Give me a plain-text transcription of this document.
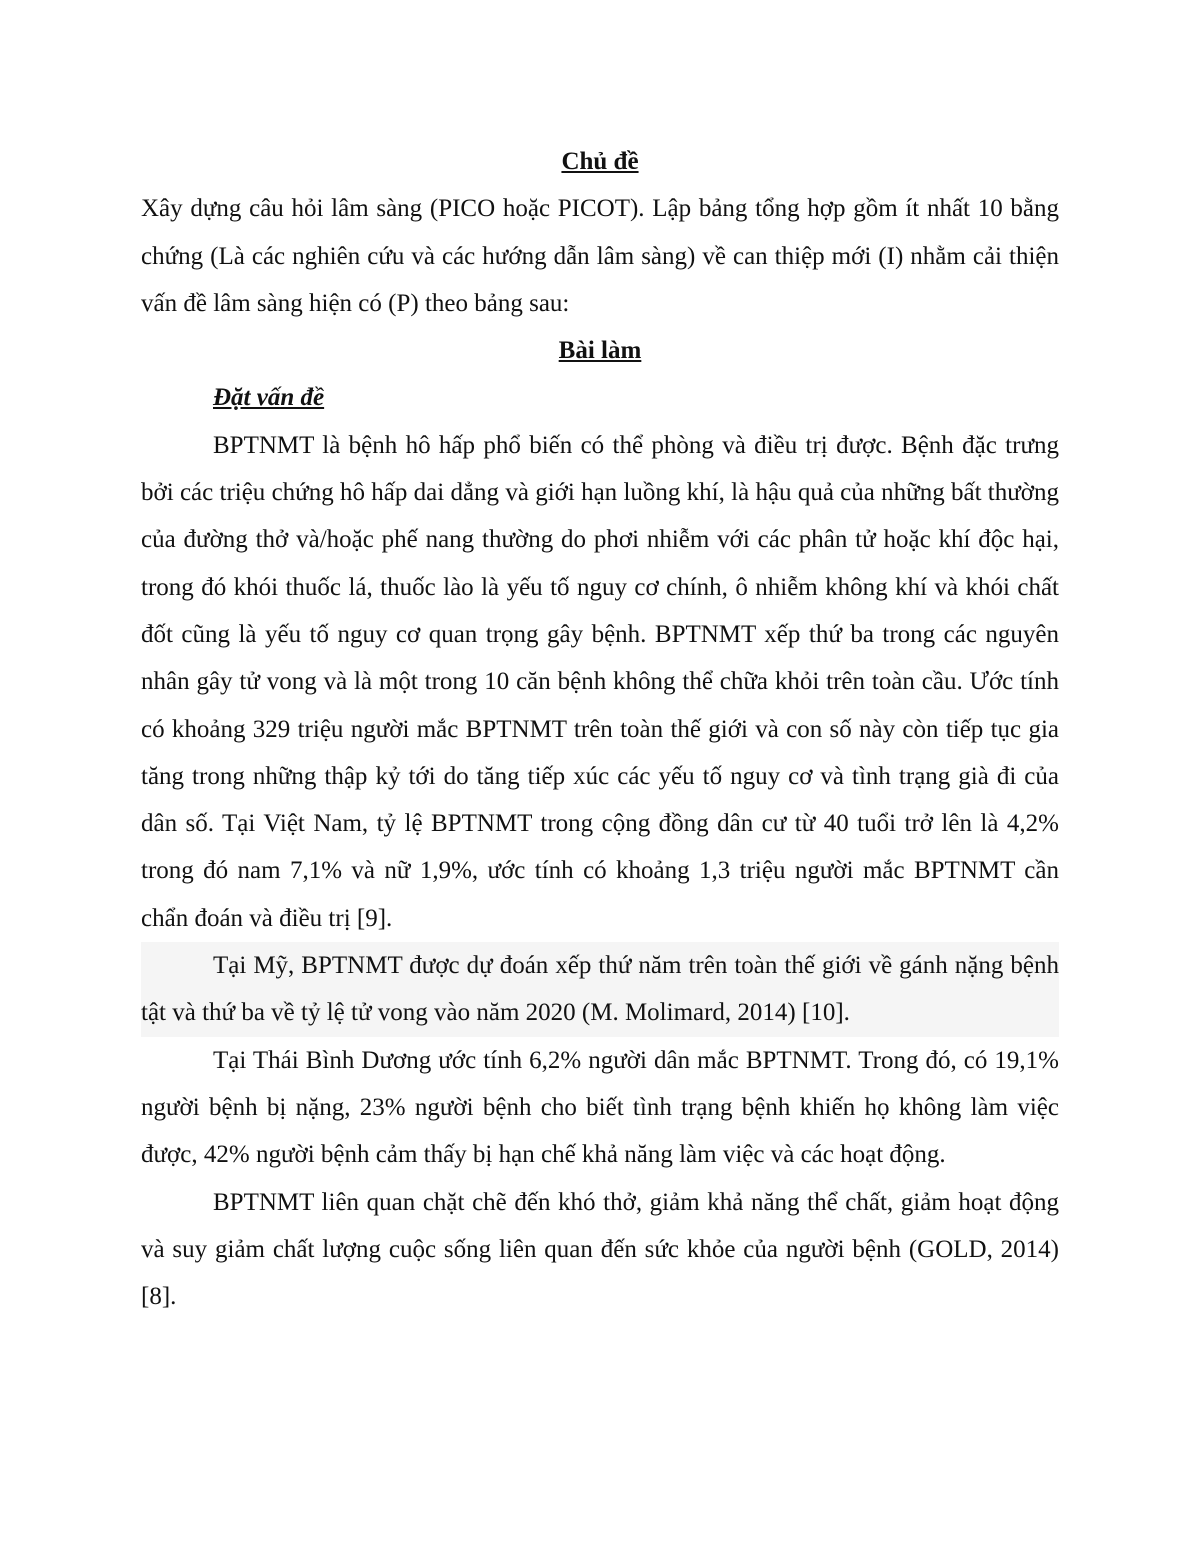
Chủ đề

Xây dựng câu hỏi lâm sàng (PICO hoặc PICOT). Lập bảng tổng hợp gồm ít nhất 10 bằng chứng (Là các nghiên cứu và các hướng dẫn lâm sàng) về can thiệp mới (I) nhằm cải thiện vấn đề lâm sàng hiện có (P) theo bảng sau:

Bài làm

Đặt vấn đề

BPTNMT là bệnh hô hấp phổ biến có thể phòng và điều trị được. Bệnh đặc trưng bởi các triệu chứng hô hấp dai dẳng và giới hạn luồng khí, là hậu quả của những bất thường của đường thở và/hoặc phế nang thường do phơi nhiễm với các phân tử hoặc khí độc hại, trong đó khói thuốc lá, thuốc lào là yếu tố nguy cơ chính, ô nhiễm không khí và khói chất đốt cũng là yếu tố nguy cơ quan trọng gây bệnh. BPTNMT xếp thứ ba trong các nguyên nhân gây tử vong và là một trong 10 căn bệnh không thể chữa khỏi trên toàn cầu. Ước tính có khoảng 329 triệu người mắc BPTNMT trên toàn thế giới và con số này còn tiếp tục gia tăng trong những thập kỷ tới do tăng tiếp xúc các yếu tố nguy cơ và tình trạng già đi của dân số. Tại Việt Nam, tỷ lệ BPTNMT trong cộng đồng dân cư từ 40 tuổi trở lên là 4,2% trong đó nam 7,1% và nữ 1,9%, ước tính có khoảng 1,3 triệu người mắc BPTNMT cần chẩn đoán và điều trị [9].

Tại Mỹ, BPTNMT được dự đoán xếp thứ năm trên toàn thế giới về gánh nặng bệnh tật và thứ ba về tỷ lệ tử vong vào năm 2020 (M. Molimard, 2014) [10].

Tại Thái Bình Dương ước tính 6,2% người dân mắc BPTNMT. Trong đó, có 19,1% người bệnh bị nặng, 23% người bệnh cho biết tình trạng bệnh khiến họ không làm việc được, 42% người bệnh cảm thấy bị hạn chế khả năng làm việc và các hoạt động.

BPTNMT liên quan chặt chẽ đến khó thở, giảm khả năng thể chất, giảm hoạt động và suy giảm chất lượng cuộc sống liên quan đến sức khỏe của người bệnh (GOLD, 2014) [8].
